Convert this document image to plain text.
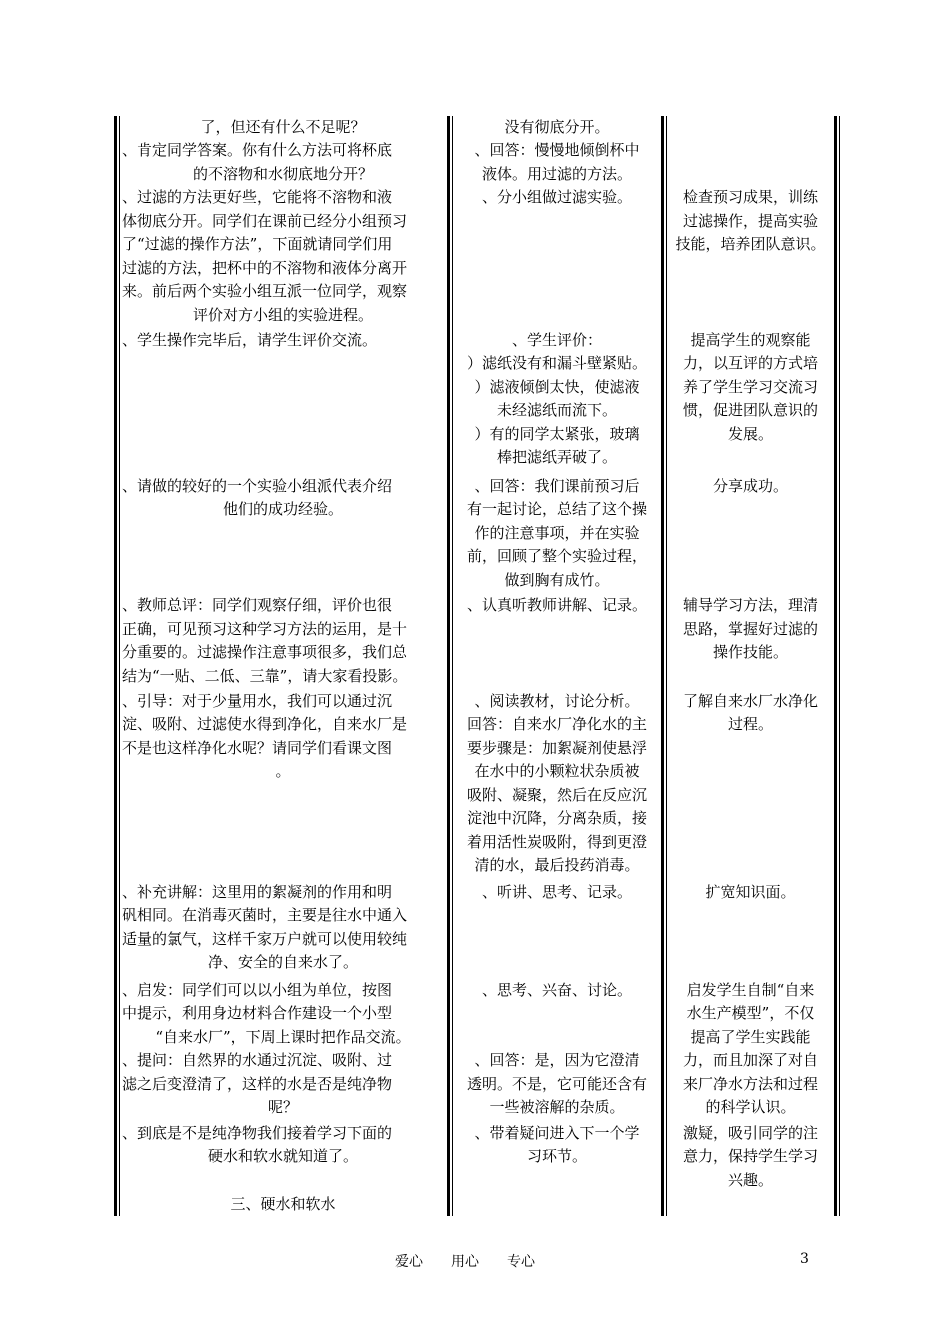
了，但还有什么不足呢？

、肯定同学答案。你有什么方法可将杯底

的不溶物和水彻底地分开？

、过滤的方法更好些，它能将不溶物和液

体彻底分开。同学们在课前已经分小组预习

了“过滤的操作方法”，下面就请同学们用

过滤的方法，把杯中的不溶物和液体分离开

来。前后两个实验小组互派一位同学，观察

评价对方小组的实验进程。

、学生操作完毕后，请学生评价交流。

、请做的较好的一个实验小组派代表介绍

他们的成功经验。

、教师总评：同学们观察仔细，评价也很

正确，可见预习这种学习方法的运用，是十

分重要的。过滤操作注意事项很多，我们总

结为“一贴、二低、三靠”，请大家看投影。

、引导：对于少量用水，我们可以通过沉

淀、吸附、过滤使水得到净化，自来水厂是

不是也这样净化水呢？请同学们看课文图

。

、补充讲解：这里用的絮凝剂的作用和明

矾相同。在消毒灭菌时，主要是往水中通入

适量的氯气，这样千家万户就可以使用较纯

净、安全的自来水了。

、启发：同学们可以以小组为单位，按图

中提示，利用身边材料合作建设一个小型

“自来水厂”，下周上课时把作品交流。

、提问：自然界的水通过沉淀、吸附、过

滤之后变澄清了，这样的水是否是纯净物

呢？

、到底是不是纯净物我们接着学习下面的

硬水和软水就知道了。

三、硬水和软水

没有彻底分开。

、回答：慢慢地倾倒杯中

液体。用过滤的方法。

、分小组做过滤实验。

、学生评价：

）滤纸没有和漏斗壁紧贴。

）滤液倾倒太快，使滤液

未经滤纸而流下。

）有的同学太紧张，玻璃

棒把滤纸弄破了。

、回答：我们课前预习后

有一起讨论，总结了这个操

作的注意事项，并在实验

前，回顾了整个实验过程，

做到胸有成竹。

、认真听教师讲解、记录。

、阅读教材，讨论分析。

回答：自来水厂净化水的主

要步骤是：加絮凝剂使悬浮

在水中的小颗粒状杂质被

吸附、凝聚，然后在反应沉

淀池中沉降，分离杂质，接

着用活性炭吸附，得到更澄

清的水，最后投药消毒。

、听讲、思考、记录。

、思考、兴奋、讨论。

、回答：是，因为它澄清

透明。不是，它可能还含有

一些被溶解的杂质。

、带着疑问进入下一个学

习环节。

检查预习成果，训练

过滤操作，提高实验

技能，培养团队意识。

提高学生的观察能

力，以互评的方式培

养了学生学习交流习

惯，促进团队意识的

发展。

分享成功。

辅导学习方法，理清

思路，掌握好过滤的

操作技能。

了解自来水厂水净化

过程。

扩宽知识面。

启发学生自制“自来

水生产模型”，不仅

提高了学生实践能

力，而且加深了对自

来厂净水方法和过程

的科学认识。

激疑，吸引同学的注

意力，保持学生学习

兴趣。

爱心　　用心　　专心	3
